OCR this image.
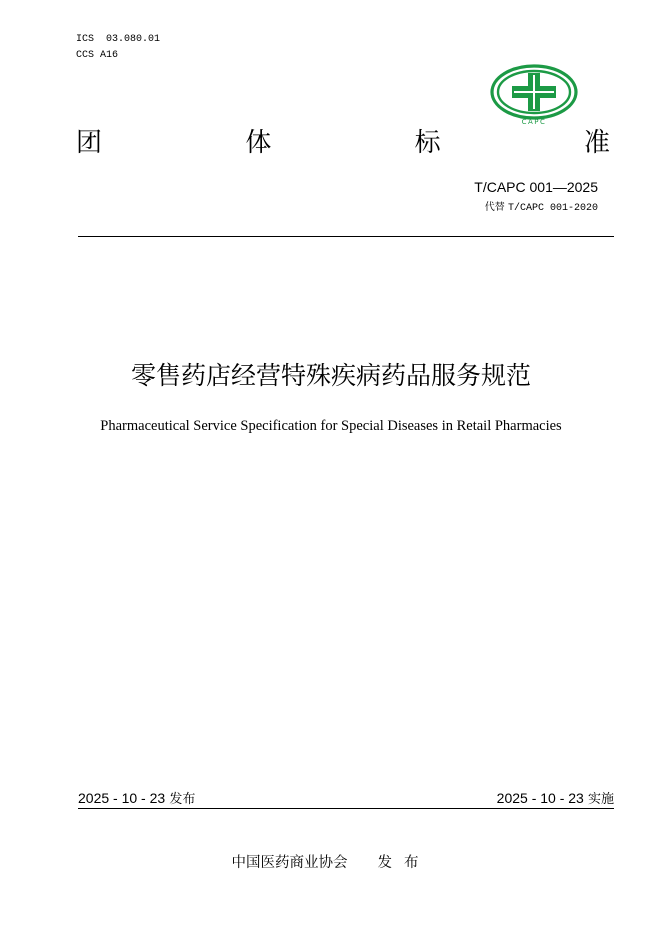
ICS 03.080.01
CCS A16
CAPC
团	体	标	准
T/CAPC 001—2025
代替 T/CAPC 001-2020
零售药店经营特殊疾病药品服务规范
Pharmaceutical Service Specification for Special Diseases in Retail Pharmacies
2025 - 10 - 23 发布	2025 - 10 - 23 实施
中国医药商业协会 发布
